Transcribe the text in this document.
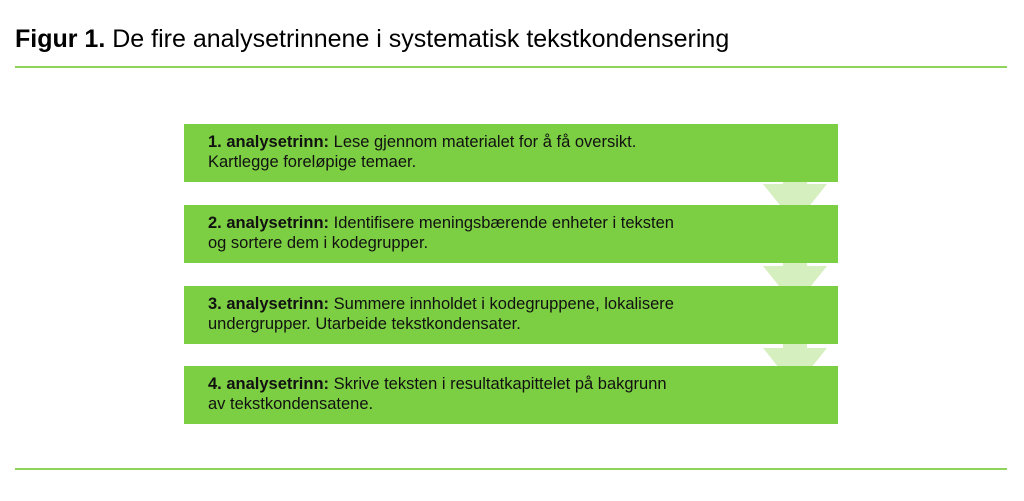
Figur 1. De fire analysetrinnene i systematisk tekstkondensering
1. analysetrinn: Lese gjennom materialet for å få oversikt.
Kartlegge foreløpige temaer.
2. analysetrinn: Identifisere meningsbærende enheter i teksten
og sortere dem i kodegrupper.
3. analysetrinn: Summere innholdet i kodegruppene, lokalisere
undergrupper. Utarbeide tekstkondensater.
4. analysetrinn: Skrive teksten i resultatkapittelet på bakgrunn
av tekstkondensatene.
